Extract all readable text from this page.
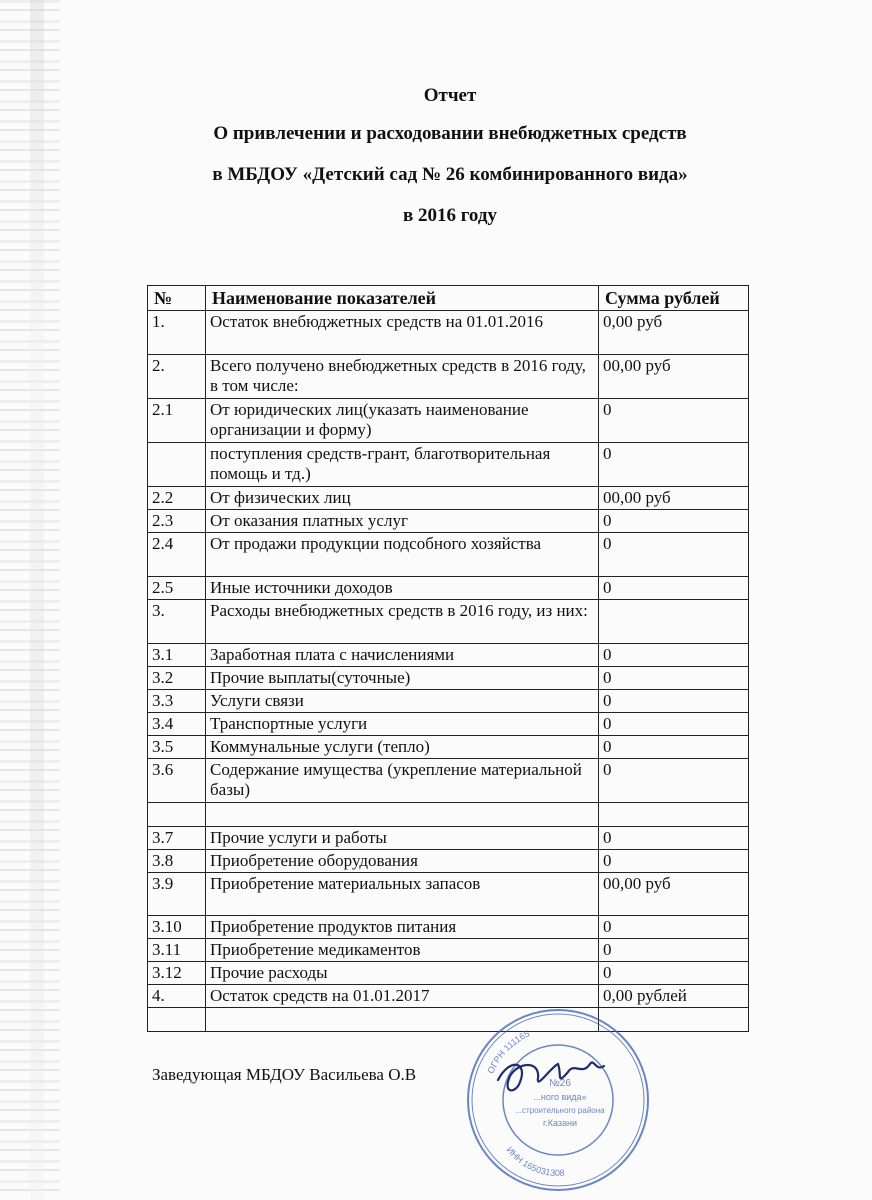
Отчет
О привлечении и расходовании внебюджетных средств
в МБДОУ «Детский сад № 26 комбинированного вида»
в 2016 году
№	Наименование показателей	Сумма рублей
1.	Остаток внебюджетных средств на 01.01.2016	0,00 руб
2.	Всего получено внебюджетных средств в 2016 году, в том числе:	00,00 руб
2.1	От юридических лиц(указать наименование организации и форму)	0
	поступления средств-грант, благотворительная помощь и тд.)	0
2.2	От физических лиц	00,00 руб
2.3	От оказания платных услуг	0
2.4	От продажи продукции подсобного хозяйства	0
2.5	Иные источники доходов	0
3.	Расходы внебюджетных средств в 2016 году, из них:	
3.1	Заработная плата с начислениями	0
3.2	Прочие выплаты(суточные)	0
3.3	Услуги связи	0
3.4	Транспортные услуги	0
3.5	Коммунальные услуги (тепло)	0
3.6	Содержание имущества (укрепление материальной базы)	0

3.7	Прочие услуги и работы	0
3.8	Приобретение оборудования	0
3.9	Приобретение материальных запасов	00,00 руб
3.10	Приобретение продуктов питания	0
3.11	Приобретение медикаментов	0
3.12	Прочие расходы	0
4.	Остаток средств на 01.01.2017	0,00 рублей

Заведующая МБДОУ Васильева О.В	ОГРН 111165
ИНН 165031308
№26
...ного вида»
...строительного района
г.Казани
